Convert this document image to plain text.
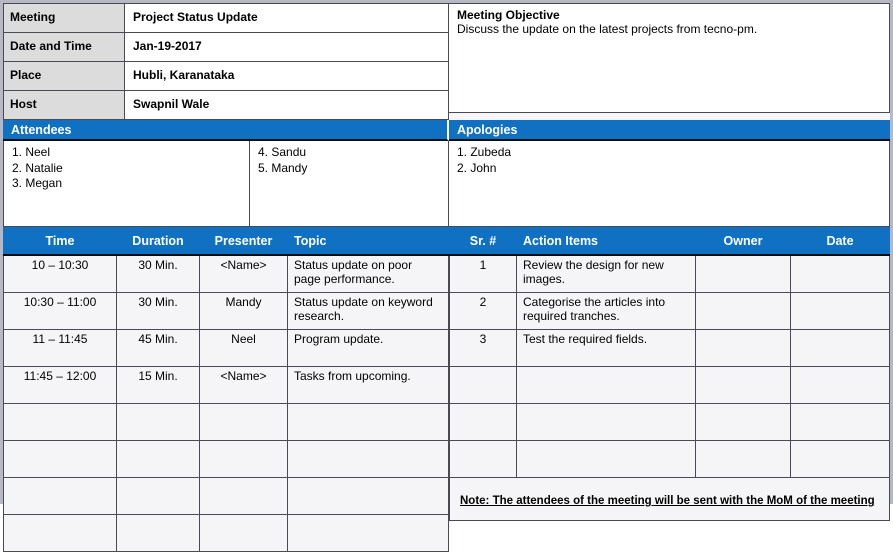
Meeting	Project Status Update
Date and Time	Jan-19-2017
Place	Hubli, Karanataka
Host	Swapnil Wale
Meeting Objective
Discuss the update on the latest projects from tecno-pm.
Attendees	Apologies
1. Neel
2. Natalie
3. Megan
4. Sandu
5. Mandy
1. Zubeda
2. John
Time	Duration	Presenter	Topic
10 – 10:30	30 Min.	<Name>	Status update on poor page performance.
10:30 – 11:00	30 Min.	Mandy	Status update on keyword research.
11 – 11:45	45 Min.	Neel	Program update.
11:45 – 12:00	15 Min.	<Name>	Tasks from upcoming.

Sr. #	Action Items	Owner	Date
1	Review the design for new images.		
2	Categorise the articles into required tranches.		
3	Test the required fields.		

Note: The attendees of the meeting will be sent with the MoM of the meeting			
